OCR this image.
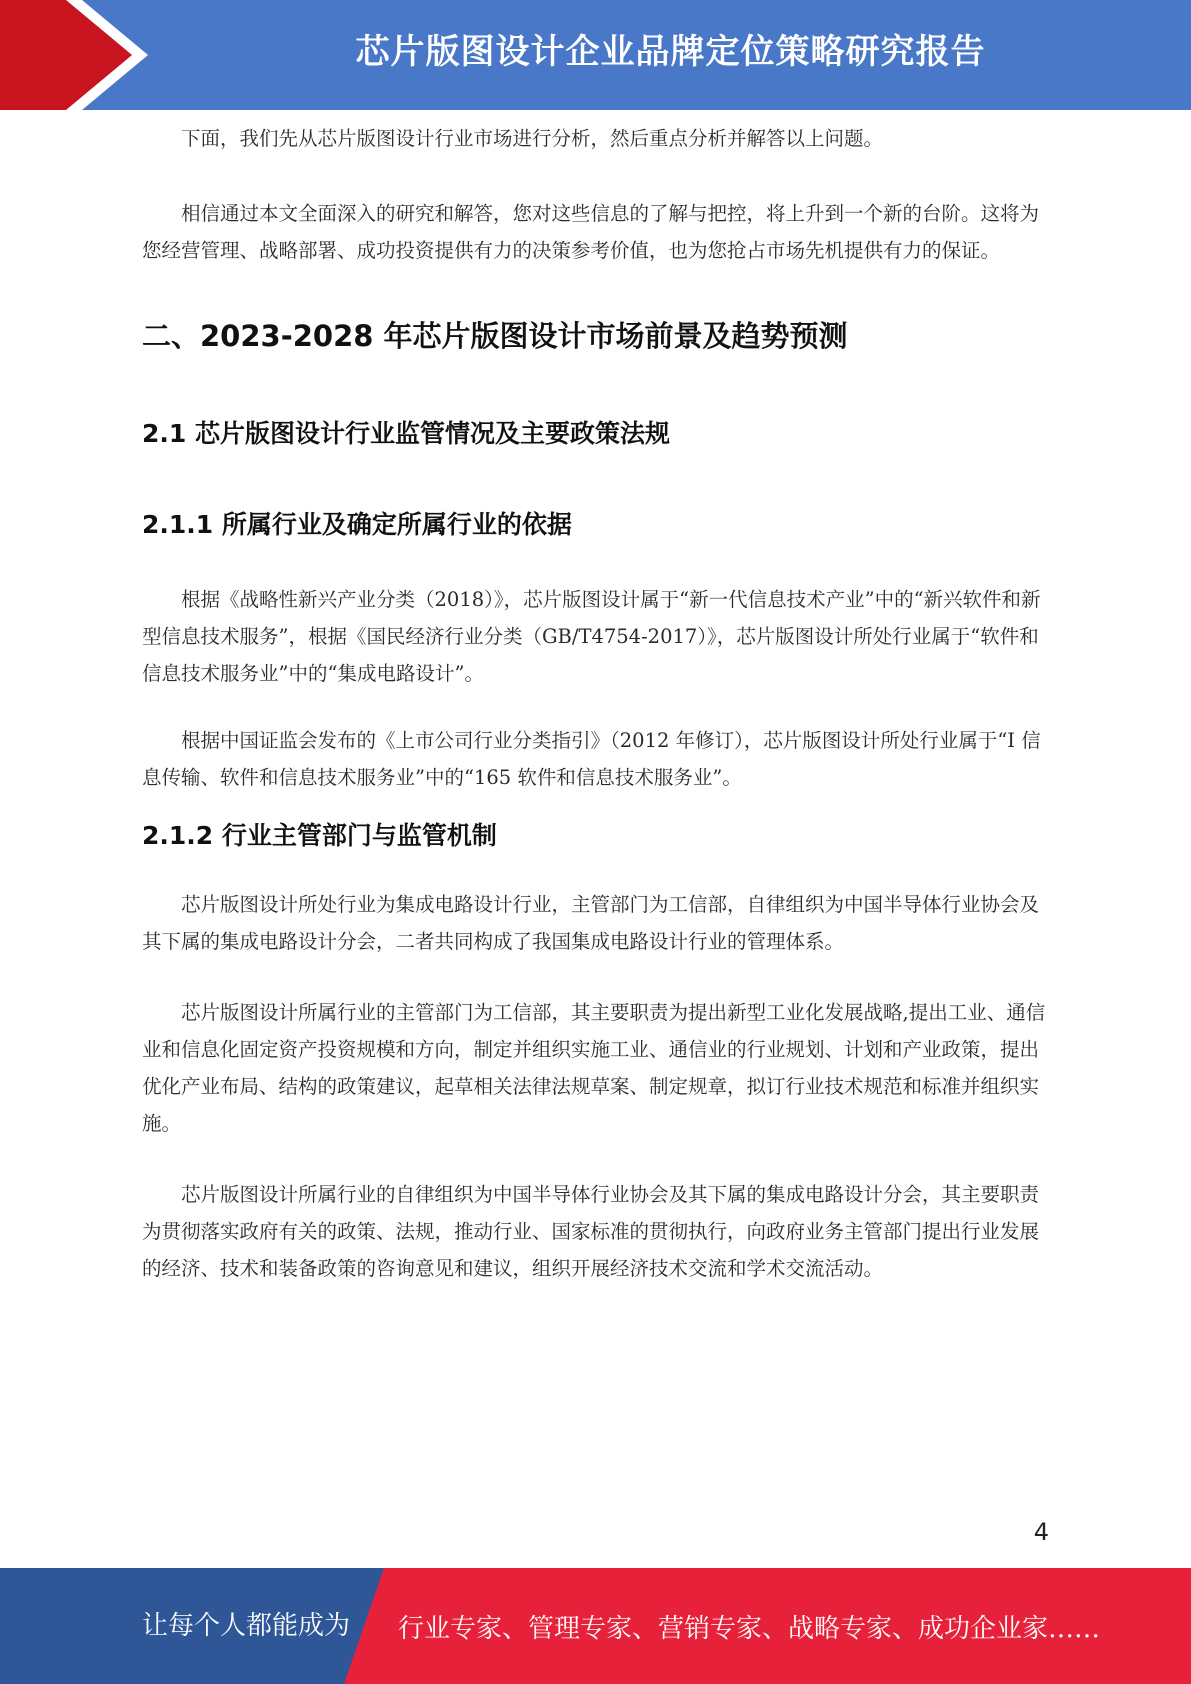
芯片版图设计企业品牌定位策略研究报告

下面，我们先从芯片版图设计行业市场进行分析，然后重点分析并解答以上问题。

相信通过本文全面深入的研究和解答，您对这些信息的了解与把控，将上升到一个新的台阶。这将为您经营管理、战略部署、成功投资提供有力的决策参考价值，也为您抢占市场先机提供有力的保证。

二、2023-2028 年芯片版图设计市场前景及趋势预测
2.1 芯片版图设计行业监管情况及主要政策法规
2.1.1 所属行业及确定所属行业的依据

根据《战略性新兴产业分类（2018）》，芯片版图设计属于“新一代信息技术产业”中的“新兴软件和新型信息技术服务”，根据《国民经济行业分类（GB/T4754-2017）》，芯片版图设计所处行业属于“软件和信息技术服务业”中的“集成电路设计”。

根据中国证监会发布的《上市公司行业分类指引》（2012 年修订），芯片版图设计所处行业属于“I 信息传输、软件和信息技术服务业”中的“165 软件和信息技术服务业”。

2.1.2 行业主管部门与监管机制

芯片版图设计所处行业为集成电路设计行业，主管部门为工信部，自律组织为中国半导体行业协会及其下属的集成电路设计分会，二者共同构成了我国集成电路设计行业的管理体系。

芯片版图设计所属行业的主管部门为工信部，其主要职责为提出新型工业化发展战略,提出工业、通信业和信息化固定资产投资规模和方向，制定并组织实施工业、通信业的行业规划、计划和产业政策，提出优化产业布局、结构的政策建议，起草相关法律法规草案、制定规章，拟订行业技术规范和标准并组织实施。

芯片版图设计所属行业的自律组织为中国半导体行业协会及其下属的集成电路设计分会，其主要职责为贯彻落实政府有关的政策、法规，推动行业、国家标准的贯彻执行，向政府业务主管部门提出行业发展的经济、技术和装备政策的咨询意见和建议，组织开展经济技术交流和学术交流活动。

4
让每个人都能成为 行业专家、管理专家、营销专家、战略专家、成功企业家……
